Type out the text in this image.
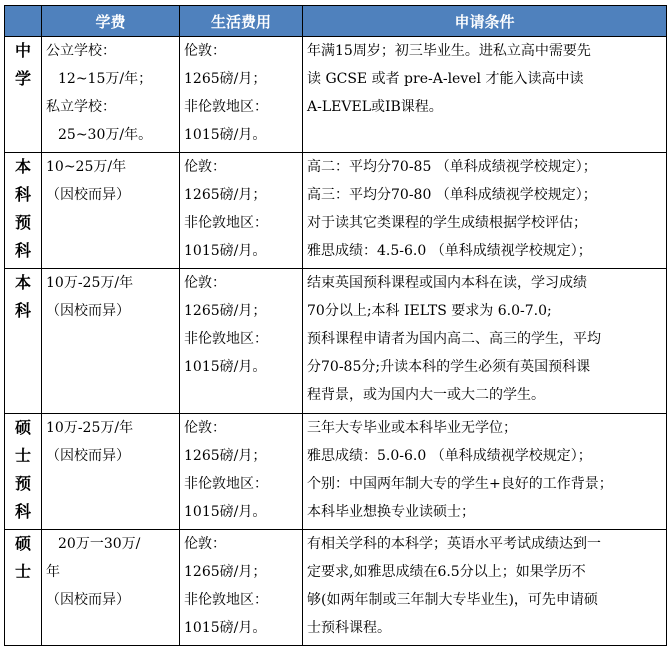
	学费	生活费用	申请条件

中
学	公立学校：
12~15万/年；
私立学校：
25~30万/年。	伦敦：
1265磅/月；
非伦敦地区：
1015磅/月。	年满15周岁；初三毕业生。进私立高中需要先
读 GCSE 或者 pre-A-level 才能入读高中读
A-LEVEL或IB课程。

本
科
预
科	10~25万/年
（因校而异）	伦敦：
1265磅/月；
非伦敦地区：
1015磅/月。	高二：平均分70-85 （单科成绩视学校规定）；
高三：平均分70-80 （单科成绩视学校规定）；
对于读其它类课程的学生成绩根据学校评估；
雅思成绩：4.5-6.0 （单科成绩视学校规定）；

本
科	10万-25万/年
（因校而异）	伦敦：
1265磅/月；
非伦敦地区：
1015磅/月。	结束英国预科课程或国内本科在读，学习成绩
70分以上;本科 IELTS 要求为 6.0-7.0;
预科课程申请者为国内高二、高三的学生，平均
分70-85分;升读本科的学生必须有英国预科课
程背景，或为国内大一或大二的学生。

硕
士
预
科	10万-25万/年
（因校而异）	伦敦：
1265磅/月；
非伦敦地区：
1015磅/月。	三年大专毕业或本科毕业无学位；
雅思成绩：5.0-6.0 （单科成绩视学校规定）；
个别：中国两年制大专的学生+良好的工作背景；
本科毕业想换专业读硕士；

硕
士	20万一30万/
年
（因校而异）	伦敦：
1265磅/月；
非伦敦地区：
1015磅/月。	有相关学科的本科学；英语水平考试成绩达到一
定要求,如雅思成绩在6.5分以上；如果学历不
够(如两年制或三年制大专毕业生)，可先申请硕
士预科课程。
